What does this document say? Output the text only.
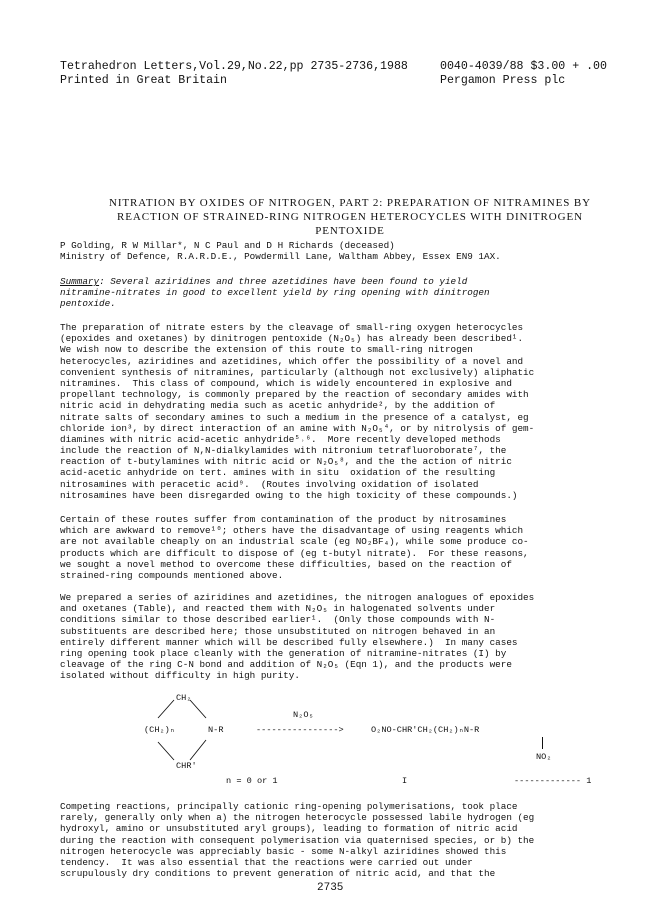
Tetrahedron Letters,Vol.29,No.22,pp 2735-2736,1988	0040-4039/88 $3.00 + .00
Printed in Great Britain	Pergamon Press plc
NITRATION BY OXIDES OF NITROGEN, PART 2: PREPARATION OF NITRAMINES BY
REACTION OF STRAINED-RING NITROGEN HETEROCYCLES WITH DINITROGEN
PENTOXIDE
P Golding, R W Millar*, N C Paul and D H Richards (deceased)
Ministry of Defence, R.A.R.D.E., Powdermill Lane, Waltham Abbey, Essex EN9 1AX.
Summary: Several aziridines and three azetidines have been found to yield
nitramine-nitrates in good to excellent yield by ring opening with dinitrogen
pentoxide.
The preparation of nitrate esters by the cleavage of small-ring oxygen heterocycles
(epoxides and oxetanes) by dinitrogen pentoxide (N₂O₅) has already been described¹.
We wish now to describe the extension of this route to small-ring nitrogen
heterocycles, aziridines and azetidines, which offer the possibility of a novel and
convenient synthesis of nitramines, particularly (although not exclusively) aliphatic
nitramines.  This class of compound, which is widely encountered in explosive and
propellant technology, is commonly prepared by the reaction of secondary amides with
nitric acid in dehydrating media such as acetic anhydride², by the addition of
nitrate salts of secondary amines to such a medium in the presence of a catalyst, eg
chloride ion³, by direct interaction of an amine with N₂O₅⁴, or by nitrolysis of gem-
diamines with nitric acid-acetic anhydride⁵˒⁶.  More recently developed methods
include the reaction of N,N-dialkylamides with nitronium tetrafluoroborate⁷, the
reaction of t-butylamines with nitric acid or N₂O₅⁸, and the the action of nitric
acid-acetic anhydride on tert. amines with in situ  oxidation of the resulting
nitrosamines with peracetic acid⁹.  (Routes involving oxidation of isolated
nitrosamines have been disregarded owing to the high toxicity of these compounds.)
Certain of these routes suffer from contamination of the product by nitrosamines
which are awkward to remove¹⁰; others have the disadvantage of using reagents which
are not available cheaply on an industrial scale (eg NO₂BF₄), while some produce co-
products which are difficult to dispose of (eg t-butyl nitrate).  For these reasons,
we sought a novel method to overcome these difficulties, based on the reaction of
strained-ring compounds mentioned above.
We prepared a series of aziridines and azetidines, the nitrogen analogues of epoxides
and oxetanes (Table), and reacted them with N₂O₅ in halogenated solvents under
conditions similar to those described earlier¹.  (Only those compounds with N-
substituents are described here; those unsubstituted on nitrogen behaved in an
entirely different manner which will be described fully elsewhere.)  In many cases
ring opening took place cleanly with the generation of nitramine-nitrates (I) by
cleavage of the ring C-N bond and addition of N₂O₅ (Eqn 1), and the products were
isolated without difficulty in high purity.
CH₂
(CH₂)ₙ	N-R
N₂O₅
---------------->	O₂NO-CHR'CH₂(CH₂)ₙN-R
NO₂
CHR'
n = 0 or 1	I	------------- 1
Competing reactions, principally cationic ring-opening polymerisations, took place
rarely, generally only when a) the nitrogen heterocycle possessed labile hydrogen (eg
hydroxyl, amino or unsubstituted aryl groups), leading to formation of nitric acid
during the reaction with consequent polymerisation via quaternised species, or b) the
nitrogen heterocycle was appreciably basic - some N-alkyl aziridines showed this
tendency.  It was also essential that the reactions were carried out under
scrupulously dry conditions to prevent generation of nitric acid, and that the
2735
